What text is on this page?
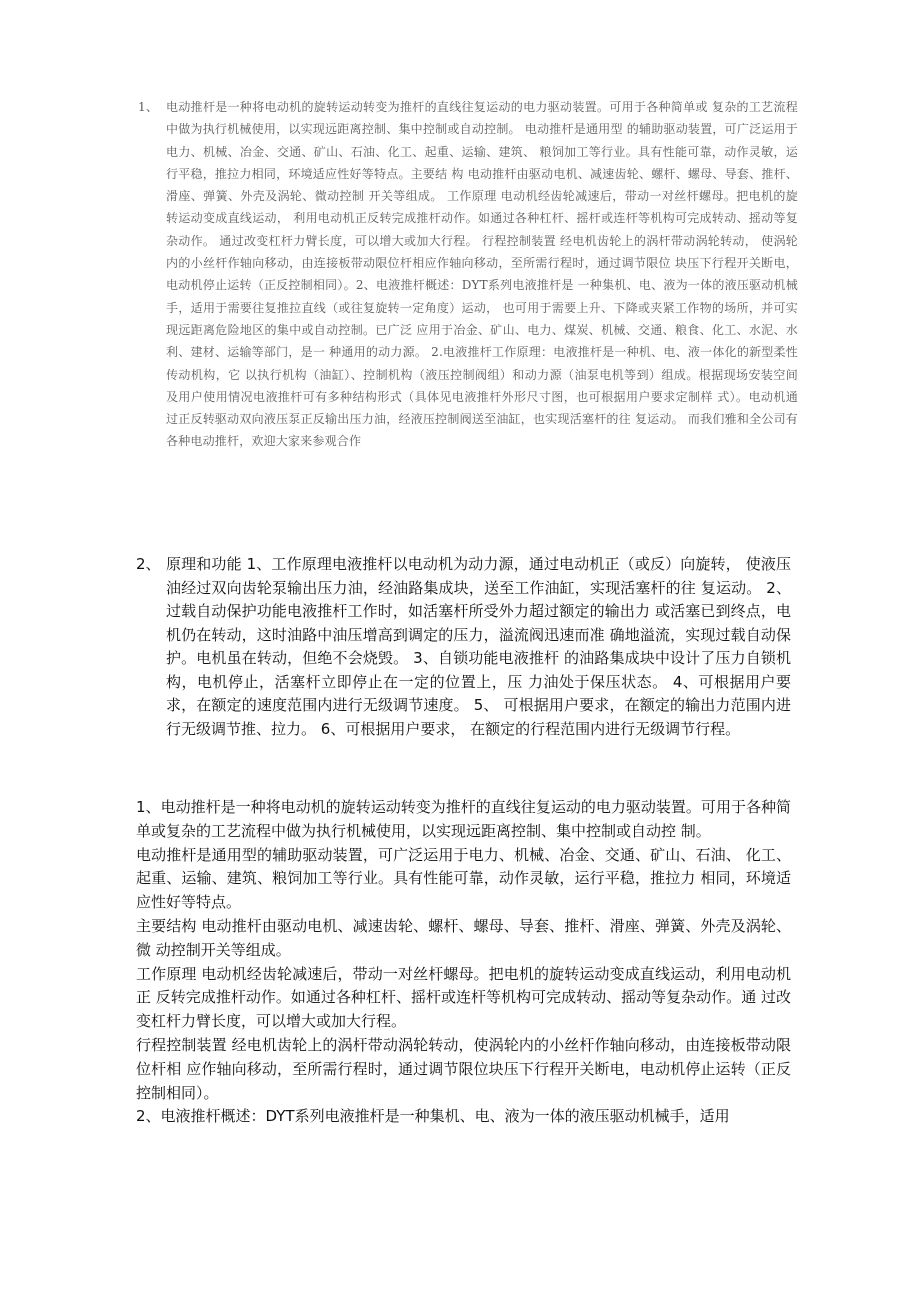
1、 电动推杆是一种将电动机的旋转运动转变为推杆的直线往复运动的电力驱动装置。可用于各种简单或 复杂的工艺流程中做为执行机械使用，以实现远距离控制、集中控制或自动控制。 电动推杆是通用型 的辅助驱动装置，可广泛运用于电力、机械、冶金、交通、矿山、石油、化工、起重、运输、建筑、 粮饲加工等行业。具有性能可靠，动作灵敏，运行平稳，推拉力相同，环境适应性好等特点。主要结 构 电动推杆由驱动电机、减速齿轮、螺杆、螺母、导套、推杆、滑座、弹簧、外壳及涡轮、微动控制 开关等组成。 工作原理 电动机经齿轮减速后，带动一对丝杆螺母。把电机的旋转运动变成直线运动， 利用电动机正反转完成推杆动作。如通过各种杠杆、摇杆或连杆等机构可完成转动、摇动等复杂动作。 通过改变杠杆力臂长度，可以增大或加大行程。 行程控制装置 经电机齿轮上的涡杆带动涡轮转动， 使涡轮内的小丝杆作轴向移动，由连接板带动限位杆相应作轴向移动，至所需行程时，通过调节限位 块压下行程开关断电，电动机停止运转（正反控制相同）。2、电液推杆概述：DYT系列电液推杆是 一种集机、电、液为一体的液压驱动机械手，适用于需要往复推拉直线（或往复旋转一定角度）运动， 也可用于需要上升、下降或夹紧工作物的场所，并可实现远距离危险地区的集中或自动控制。已广泛 应用于冶金、矿山、电力、煤炭、机械、交通、粮食、化工、水泥、水利、建材、运输等部门，是一 种通用的动力源。 2.电液推杆工作原理：电液推杆是一种机、电、液一体化的新型柔性传动机构，它 以执行机构（油缸）、控制机构（液压控制阀组）和动力源（油泵电机等到）组成。根据现场安装空间 及用户使用情况电液推杆可有多种结构形式（具体见电液推杆外形尺寸图，也可根据用户要求定制样 式）。电动机通过正反转驱动双向液压泵正反输出压力油，经液压控制阀送至油缸，也实现活塞杆的往 复运动。 而我们雅和全公司有各种电动推杆，欢迎大家来参观合作
2、 原理和功能 1、工作原理电液推杆以电动机为动力源，通过电动机正（或反）向旋转， 使液压油经过双向齿轮泵输出压力油，经油路集成块，送至工作油缸，实现活塞杆的往 复运动。 2、过载自动保护功能电液推杆工作时，如活塞杆所受外力超过额定的输出力 或活塞已到终点，电机仍在转动，这时油路中油压增高到调定的压力，溢流阀迅速而准 确地溢流，实现过载自动保护。电机虽在转动，但绝不会烧毁。 3、自锁功能电液推杆 的油路集成块中设计了压力自锁机构，电机停止，活塞杆立即停止在一定的位置上，压 力油处于保压状态。 4、可根据用户要求，在额定的速度范围内进行无级调节速度。 5、 可根据用户要求，在额定的输出力范围内进行无级调节推、拉力。 6、可根据用户要求， 在额定的行程范围内进行无级调节行程。

1、电动推杆是一种将电动机的旋转运动转变为推杆的直线往复运动的电力驱动装置。可用于各种简单或复杂的工艺流程中做为执行机械使用，以实现远距离控制、集中控制或自动控 制。

电动推杆是通用型的辅助驱动装置，可广泛运用于电力、机械、冶金、交通、矿山、石油、 化工、起重、运输、建筑、粮饲加工等行业。具有性能可靠，动作灵敏，运行平稳，推拉力 相同，环境适应性好等特点。

主要结构 电动推杆由驱动电机、减速齿轮、螺杆、螺母、导套、推杆、滑座、弹簧、外壳及涡轮、微 动控制开关等组成。

工作原理 电动机经齿轮减速后，带动一对丝杆螺母。把电机的旋转运动变成直线运动，利用电动机正 反转完成推杆动作。如通过各种杠杆、摇杆或连杆等机构可完成转动、摇动等复杂动作。通 过改变杠杆力臂长度，可以增大或加大行程。

行程控制装置 经电机齿轮上的涡杆带动涡轮转动，使涡轮内的小丝杆作轴向移动，由连接板带动限位杆相 应作轴向移动，至所需行程时，通过调节限位块压下行程开关断电，电动机停止运转（正反 控制相同）。

2、电液推杆概述：DYT系列电液推杆是一种集机、电、液为一体的液压驱动机械手，适用
